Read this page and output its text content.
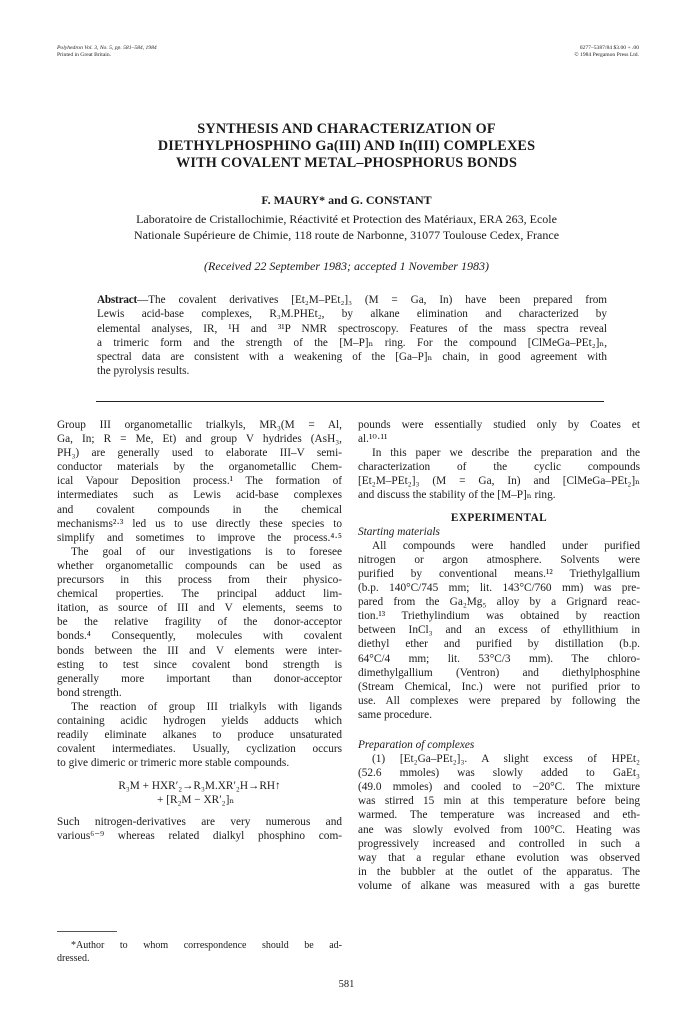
Polyhedron Vol. 3, No. 5, pp. 581–584, 1984
Printed in Great Britain.
0277–5387/84 $3.00 + .00
© 1984 Pergamon Press Ltd.
SYNTHESIS AND CHARACTERIZATION OF
DIETHYLPHOSPHINO Ga(III) AND In(III) COMPLEXES
WITH COVALENT METAL–PHOSPHORUS BONDS
F. MAURY* and G. CONSTANT
Laboratoire de Cristallochimie, Réactivité et Protection des Matériaux, ERA 263, Ecole
Nationale Supérieure de Chimie, 118 route de Narbonne, 31077 Toulouse Cedex, France
(Received 22 September 1983; accepted 1 November 1983)
Abstract—The covalent derivatives [Et₂M–PEt₂]₃ (M = Ga, In) have been prepared from
Lewis acid-base complexes, R₃M.PHEt₂, by alkane elimination and characterized by
elemental analyses, IR, ¹H and ³¹P NMR spectroscopy. Features of the mass spectra reveal
a trimeric form and the strength of the [M–P]ₙ ring. For the compound [ClMeGa–PEt₂]ₙ,
spectral data are consistent with a weakening of the [Ga–P]ₙ chain, in good agreement with
the pyrolysis results.
Group III organometallic trialkyls, MR₃(M = Al,
Ga, In; R = Me, Et) and group V hydrides (AsH₃,
PH₃) are generally used to elaborate III–V semi-
conductor materials by the organometallic Chem-
ical Vapour Deposition process.¹ The formation of
intermediates such as Lewis acid-base complexes
and covalent compounds in the chemical
mechanisms²·³ led us to use directly these species to
simplify and sometimes to improve the process.⁴·⁵
The goal of our investigations is to foresee
whether organometallic compounds can be used as
precursors in this process from their physico-
chemical properties. The principal adduct lim-
itation, as source of III and V elements, seems to
be the relative fragility of the donor-acceptor
bonds.⁴ Consequently, molecules with covalent
bonds between the III and V elements were inter-
esting to test since covalent bond strength is
generally more important than donor-acceptor
bond strength.
The reaction of group III trialkyls with ligands
containing acidic hydrogen yields adducts which
readily eliminate alkanes to produce unsaturated
covalent intermediates. Usually, cyclization occurs
to give dimeric or trimeric more stable compounds.
R₃M + HXR′₂→R₃M.XR′₂H→RH↑
+ [R₂M − XR′₂]ₙ
Such nitrogen-derivatives are very numerous and
various⁶⁻⁹ whereas related dialkyl phosphino com-
*Author to whom correspondence should be ad-
dressed.
pounds were essentially studied only by Coates et
al.¹⁰·¹¹
In this paper we describe the preparation and the
characterization of the cyclic compounds
[Et₂M–PEt₂]₃ (M = Ga, In) and [ClMeGa–PEt₂]ₙ
and discuss the stability of the [M–P]ₙ ring.
EXPERIMENTAL
Starting materials
All compounds were handled under purified
nitrogen or argon atmosphere. Solvents were
purified by conventional means.¹² Triethylgallium
(b.p. 140°C/745 mm; lit. 143°C/760 mm) was pre-
pared from the Ga₂Mg₅ alloy by a Grignard reac-
tion.¹³ Triethylindium was obtained by reaction
between InCl₃ and an excess of ethyllithium in
diethyl ether and purified by distillation (b.p.
64°C/4 mm; lit. 53°C/3 mm). The chloro-
dimethylgallium (Ventron) and diethylphosphine
(Stream Chemical, Inc.) were not purified prior to
use. All complexes were prepared by following the
same procedure.
Preparation of complexes
(1) [Et₂Ga–PEt₂]₃. A slight excess of HPEt₂
(52.6 mmoles) was slowly added to GaEt₃
(49.0 mmoles) and cooled to −20°C. The mixture
was stirred 15 min at this temperature before being
warmed. The temperature was increased and eth-
ane was slowly evolved from 100°C. Heating was
progressively increased and controlled in such a
way that a regular ethane evolution was observed
in the bubbler at the outlet of the apparatus. The
volume of alkane was measured with a gas burette
581
